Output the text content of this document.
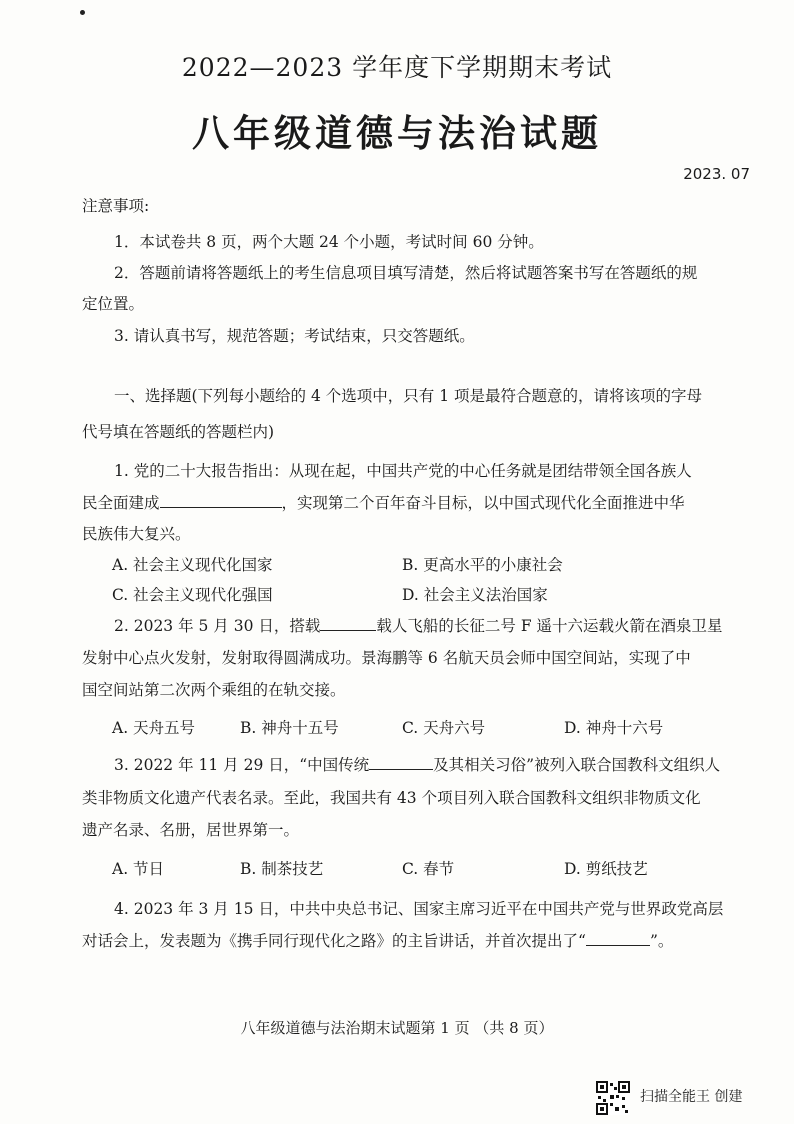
2022—2023 学年度下学期期末考试
八年级道德与法治试题
2023. 07
注意事项:
1．本试卷共 8 页，两个大题 24 个小题，考试时间 60 分钟。
2．答题前请将答题纸上的考生信息项目填写清楚，然后将试题答案书写在答题纸的规
定位置。
3. 请认真书写，规范答题；考试结束，只交答题纸。
一、选择题(下列每小题给的 4 个选项中，只有 1 项是最符合题意的，请将该项的字母
代号填在答题纸的答题栏内)
1. 党的二十大报告指出：从现在起，中国共产党的中心任务就是团结带领全国各族人
民全面建成	，实现第二个百年奋斗目标，以中国式现代化全面推进中华
民族伟大复兴。
A. 社会主义现代化国家	B. 更高水平的小康社会
C. 社会主义现代化强国	D. 社会主义法治国家
2. 2023 年 5 月 30 日，搭载	载人飞船的长征二号 F 遥十六运载火箭在酒泉卫星
发射中心点火发射，发射取得圆满成功。景海鹏等 6 名航天员会师中国空间站，实现了中
国空间站第二次两个乘组的在轨交接。
A. 天舟五号	B. 神舟十五号	C. 天舟六号	D. 神舟十六号
3. 2022 年 11 月 29 日，“中国传统	及其相关习俗”被列入联合国教科文组织人
类非物质文化遗产代表名录。至此，我国共有 43 个项目列入联合国教科文组织非物质文化
遗产名录、名册，居世界第一。
A. 节日	B. 制茶技艺	C. 春节	D. 剪纸技艺
4. 2023 年 3 月 15 日，中共中央总书记、国家主席习近平在中国共产党与世界政党高层
对话会上，发表题为《携手同行现代化之路》的主旨讲话，并首次提出了“	”。
八年级道德与法治期末试题第 1 页 （共 8 页）
扫描全能王 创建
